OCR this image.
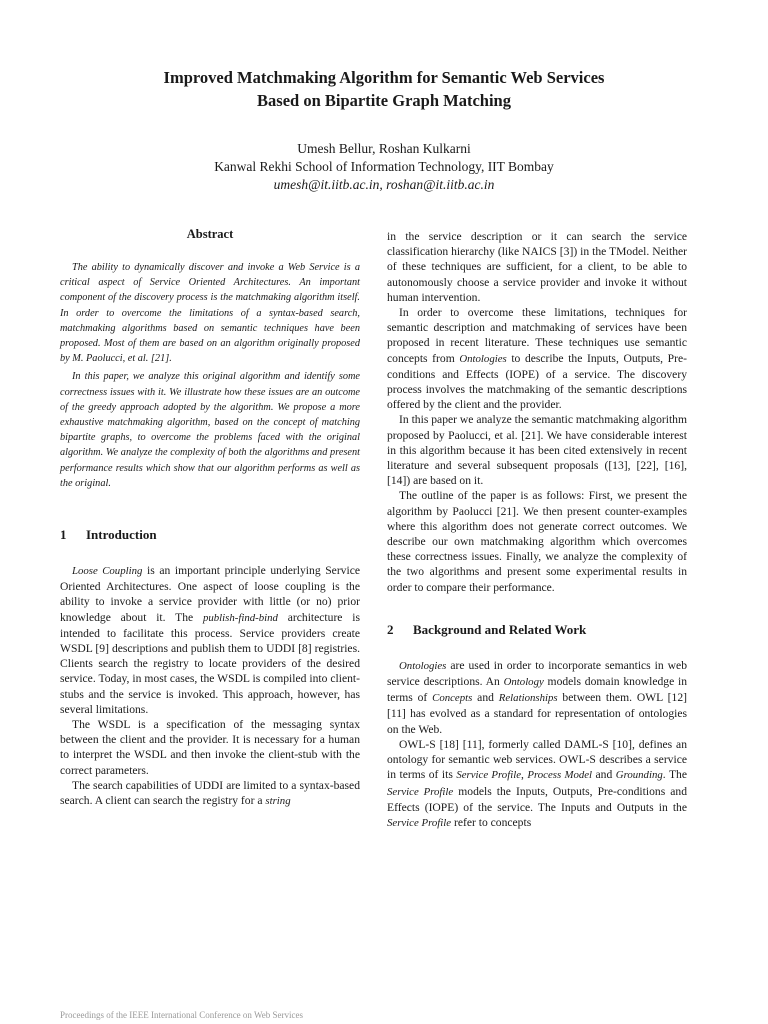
Improved Matchmaking Algorithm for Semantic Web Services
Based on Bipartite Graph Matching
Umesh Bellur, Roshan Kulkarni
Kanwal Rekhi School of Information Technology, IIT Bombay
umesh@it.iitb.ac.in, roshan@it.iitb.ac.in
Abstract

The ability to dynamically discover and invoke a Web Service is a critical aspect of Service Oriented Architectures. An important component of the discovery process is the matchmaking algorithm itself. In order to overcome the limitations of a syntax-based search, matchmaking algorithms based on semantic techniques have been proposed. Most of them are based on an algorithm originally proposed by M. Paolucci, et al. [21].

In this paper, we analyze this original algorithm and identify some correctness issues with it. We illustrate how these issues are an outcome of the greedy approach adopted by the algorithm. We propose a more exhaustive matchmaking algorithm, based on the concept of matching bipartite graphs, to overcome the problems faced with the original algorithm. We analyze the complexity of both the algorithms and present performance results which show that our algorithm performs as well as the original.

1 Introduction

Loose Coupling is an important principle underlying Service Oriented Architectures. One aspect of loose coupling is the ability to invoke a service provider with little (or no) prior knowledge about it. The publish-find-bind architecture is intended to facilitate this process. Service providers create WSDL [9] descriptions and publish them to UDDI [8] registries. Clients search the registry to locate providers of the desired service. Today, in most cases, the WSDL is compiled into client-stubs and the service is invoked. This approach, however, has several limitations.

The WSDL is a specification of the messaging syntax between the client and the provider. It is necessary for a human to interpret the WSDL and then invoke the client-stub with the correct parameters.

The search capabilities of UDDI are limited to a syntax-based search. A client can search the registry for a string

in the service description or it can search the service classification hierarchy (like NAICS [3]) in the TModel. Neither of these techniques are sufficient, for a client, to be able to autonomously choose a service provider and invoke it without human intervention.

In order to overcome these limitations, techniques for semantic description and matchmaking of services have been proposed in recent literature. These techniques use semantic concepts from Ontologies to describe the Inputs, Outputs, Pre-conditions and Effects (IOPE) of a service. The discovery process involves the matchmaking of the semantic descriptions offered by the client and the provider.

In this paper we analyze the semantic matchmaking algorithm proposed by Paolucci, et al. [21]. We have considerable interest in this algorithm because it has been cited extensively in recent literature and several subsequent proposals ([13], [22], [16], [14]) are based on it.

The outline of the paper is as follows: First, we present the algorithm by Paolucci [21]. We then present counter-examples where this algorithm does not generate correct outcomes. We describe our own matchmaking algorithm which overcomes these correctness issues. Finally, we analyze the complexity of the two algorithms and present some experimental results in order to compare their performance.

2 Background and Related Work

Ontologies are used in order to incorporate semantics in web service descriptions. An Ontology models domain knowledge in terms of Concepts and Relationships between them. OWL [12] [11] has evolved as a standard for representation of ontologies on the Web.

OWL-S [18] [11], formerly called DAML-S [10], defines an ontology for semantic web services. OWL-S describes a service in terms of its Service Profile, Process Model and Grounding. The Service Profile models the Inputs, Outputs, Pre-conditions and Effects (IOPE) of the service. The Inputs and Outputs in the Service Profile refer to concepts

Proceedings of the IEEE International Conference on Web Services
